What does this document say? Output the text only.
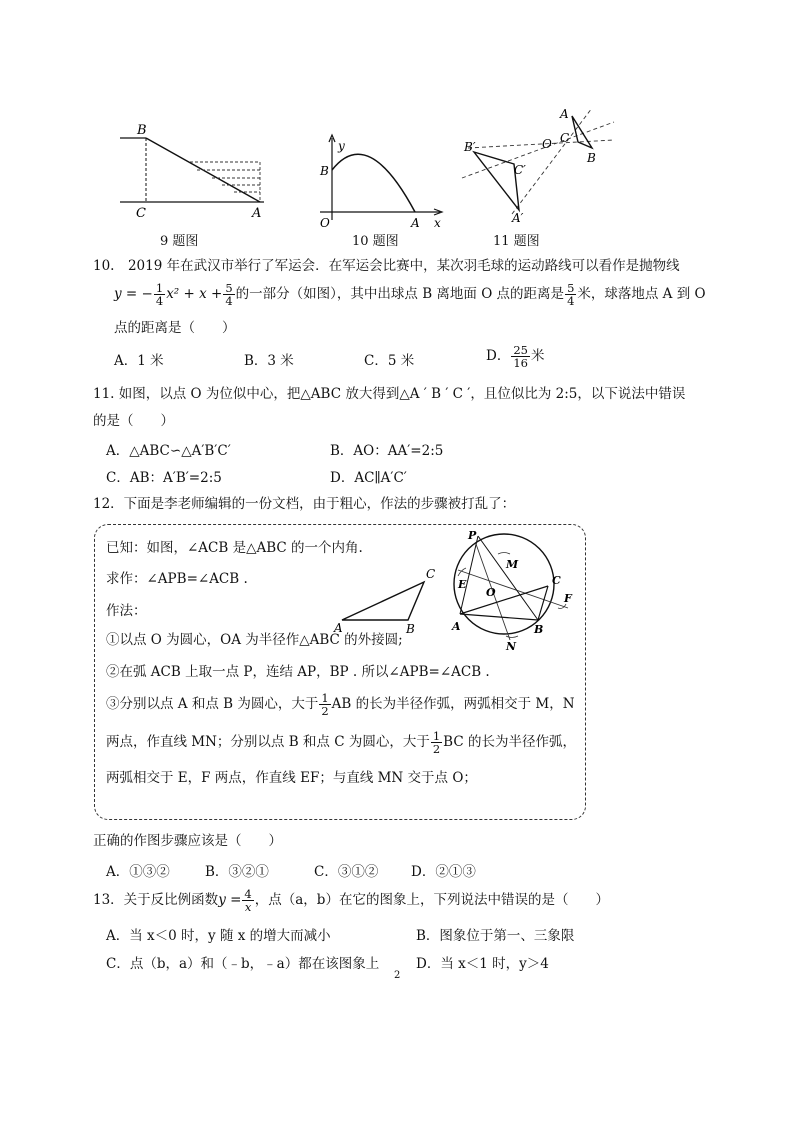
B
C	A
9 题图
y
B
O	A x
10 题图
B′	O
A
C
B
C′
A′
11 题图
10.　2019 年在武汉市举行了军运会．在军运会比赛中，某次羽毛球的运动路线可以看作是抛物线
y = − $\frac{1}{4} x^2 + x + \frac{5}{4}$ 的一部分（如图），其中出球点 B 离地面 O 点的距离是 $\frac{5}{4}$ 米，球落地点 A 到 O
点的距离是（　　）
A．1 米	B．3 米	C．5 米	D． $\frac{25}{16}$ 米
11. 如图，以点 O 为位似中心，把△ABC 放大得到△A ′ B ′ C ′，且位似比为 2:5，以下说法中错误
的是（　　）
A．△ABC∽△A′B′C′	B．AO：AA′=2:5
C．AB：A′B′=2:5	D．AC∥A′C′
12．下面是李老师编辑的一份文档，由于粗心，作法的步骤被打乱了：
已知：如图，∠ACB 是△ABC 的一个内角.
求作：∠APB=∠ACB .
作法：
①以点 O 为圆心，OA 为半径作△ABC 的外接圆;
②在弧 ACB 上取一点 P，连结 AP，BP . 所以∠APB=∠ACB .
③分别以点 A 和点 B 为圆心，大于 $\frac{1}{2}$ AB 的长为半径作弧，两弧相交于 M，N
两点，作直线 MN；分别以点 B 和点 C 为圆心，大于 $\frac{1}{2}$ BC 的长为半径作弧，
两弧相交于 E，F 两点，作直线 EF；与直线 MN 交于点 O；
A	B
C
P
M
E
O
C
F
A	B
N
正确的作图步骤应该是（　　）
A．①③②	B．③②①	C．③①② D．②①③
13．关于反比例函数$y = \frac{4}{x}$ ，点（a，b）在它的图象上，下列说法中错误的是（　　）
A．当 x＜0 时，y 随 x 的增大而减小	B．图象位于第一、三象限
C．点（b，a）和（﹣b，﹣a）都在该图象上	D．当 x＜1 时，y＞4
2
